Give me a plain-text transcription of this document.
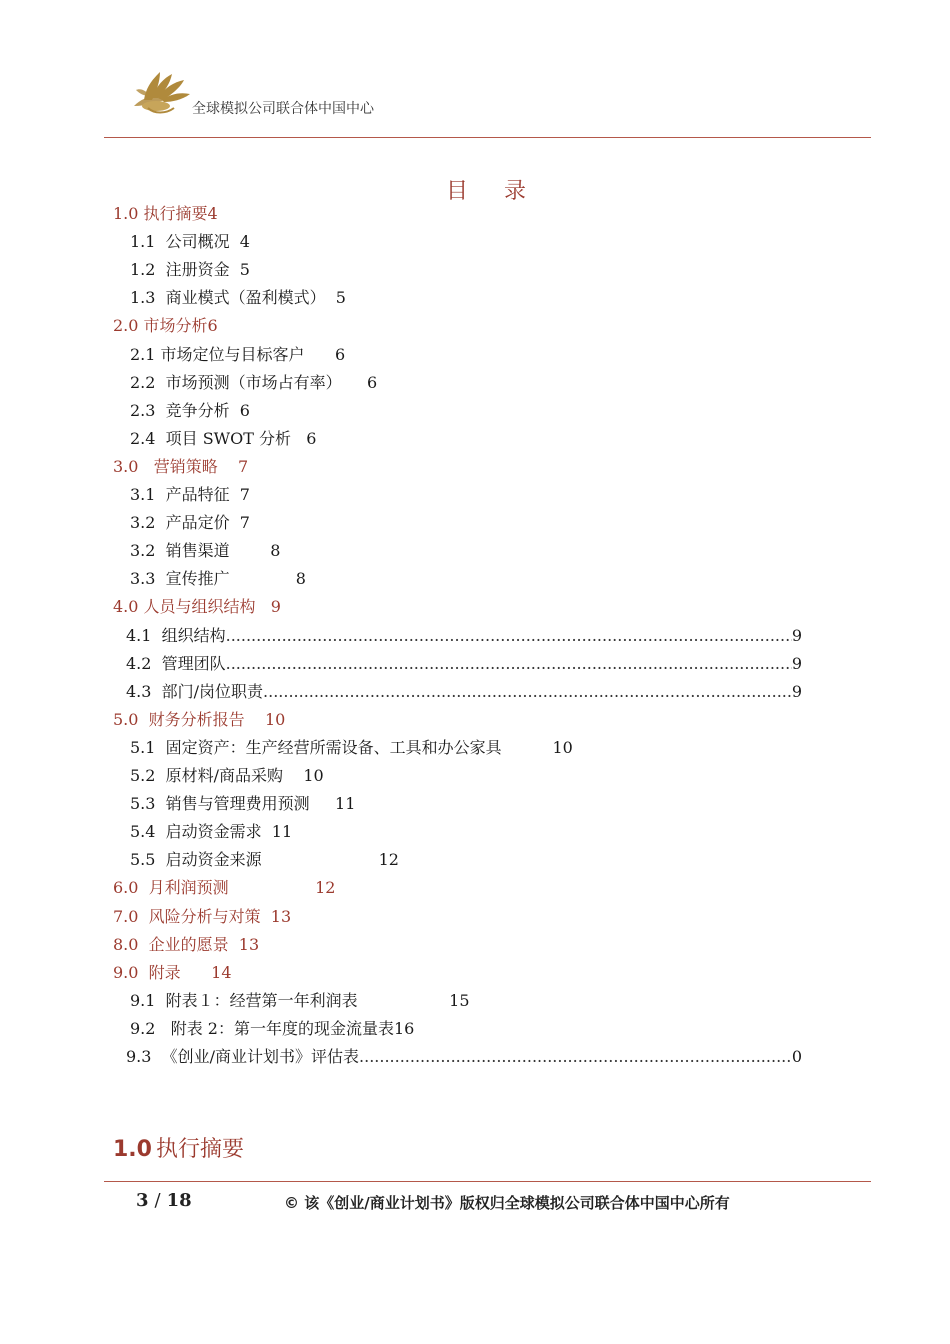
全球模拟公司联合体中国中心
目 录
1.0 执行摘要4
1.1  公司概况  4
1.2  注册资金  5
1.3  商业模式（盈利模式）  5
2.0 市场分析6
2.1 市场定位与目标客户      6
2.2  市场预测（市场占有率）     6
2.3  竞争分析  6
2.4  项目 SWOT 分析   6
3.0   营销策略    7
3.1  产品特征  7
3.2  产品定价  7
3.2  销售渠道        8
3.3  宣传推广             8
4.0 人员与组织结构   9
4.1  组织结构 .....	9
4.2  管理团队 .....	9
4.3  部门/岗位职责 .....	9
5.0  财务分析报告    10
5.1  固定资产：生产经营所需设备、工具和办公家具          10
5.2  原材料/商品采购    10
5.3  销售与管理费用预测     11
5.4  启动资金需求  11
5.5  启动资金来源                       12
6.0  月利润预测                 12
7.0  风险分析与对策  13
8.0  企业的愿景  13
9.0  附录      14
9.1  附表１：经营第一年利润表                  15
9.2   附表 2：第一年度的现金流量表16
9.3  《创业/商业计划书》评估表 .....	0
1.0 执行摘要
3 / 18	© 该《创业/商业计划书》版权归全球模拟公司联合体中国中心所有
